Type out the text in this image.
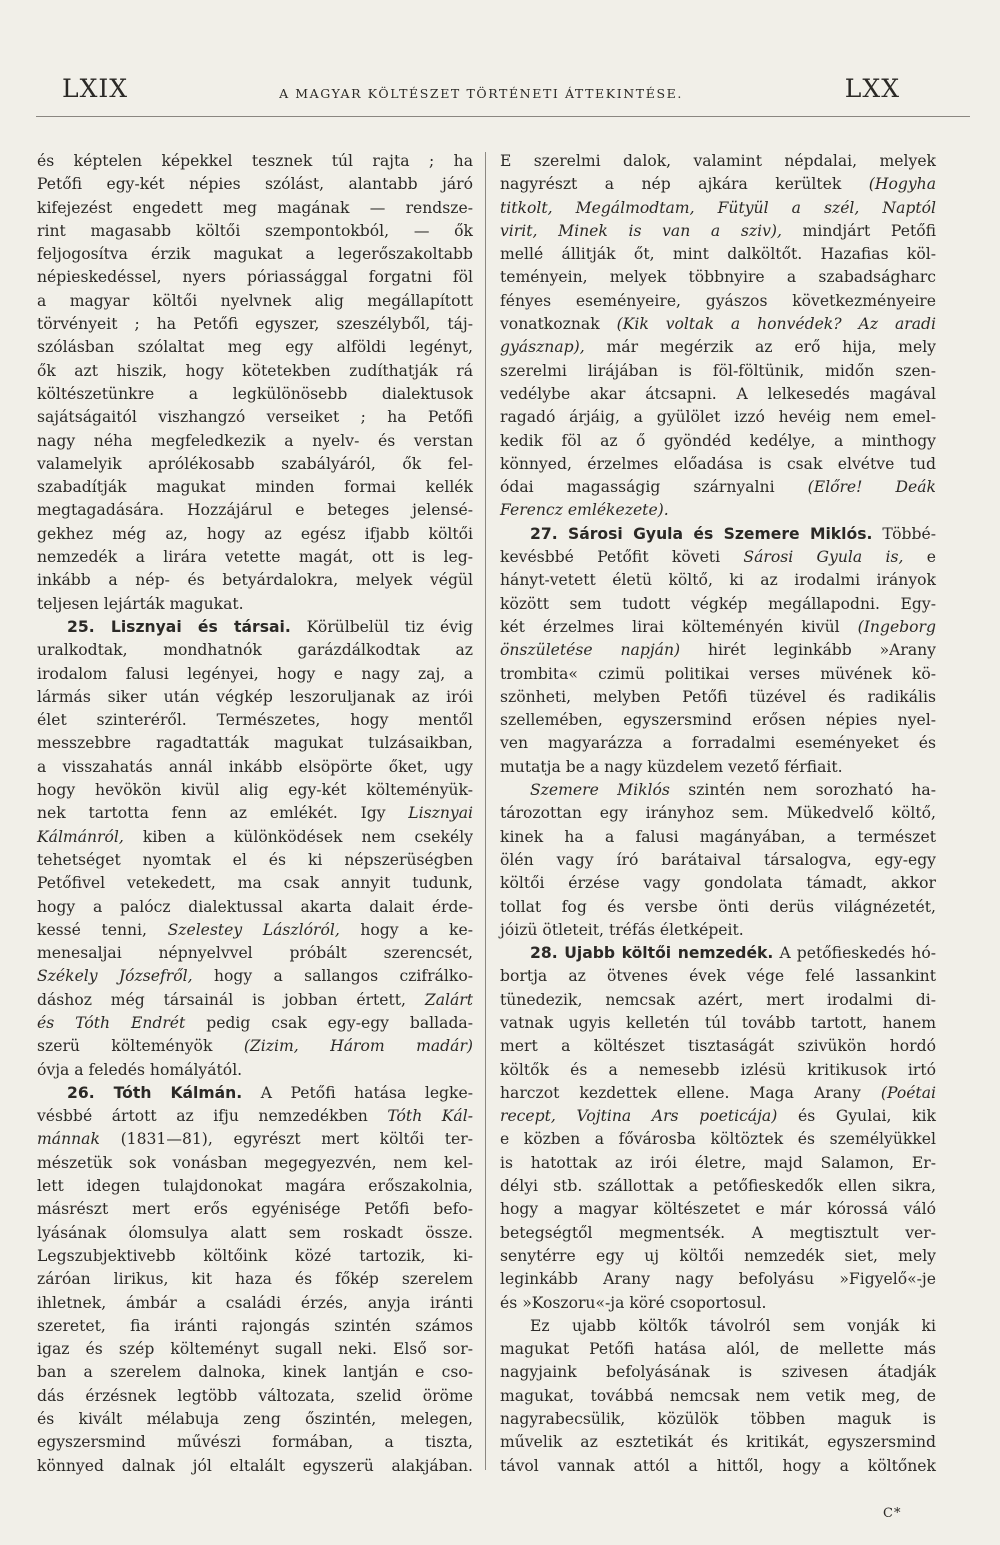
LXIX	A MAGYAR KÖLTÉSZET TÖRTÉNETI ÁTTEKINTÉSE.	LXX

és képtelen képekkel tesznek túl rajta ; ha

Petőfi egy-két népies szólást, alantabb járó

kifejezést engedett meg magának — rendsze-

rint magasabb költői szempontokból, — ők

feljogosítva érzik magukat a legerőszakoltabb

népieskedéssel, nyers póriassággal forgatni föl

a magyar költői nyelvnek alig megállapított

törvényeit ; ha Petőfi egyszer, szeszélyből, táj-

szólásban szólaltat meg egy alföldi legényt,

ők azt hiszik, hogy kötetekben zudíthatják rá

költészetünkre a legkülönösebb dialektusok

sajátságaitól viszhangzó verseiket ; ha Petőfi

nagy néha megfeledkezik a nyelv- és verstan

valamelyik aprólékosabb szabályáról, ők fel-

szabadítják magukat minden formai kellék

megtagadására. Hozzájárul e beteges jelensé-

gekhez még az, hogy az egész ifjabb költői

nemzedék a lirára vetette magát, ott is leg-

inkább a nép- és betyárdalokra, melyek végül

teljesen lejárták magukat.

25. Lisznyai és társai. Körülbelül tiz évig

uralkodtak, mondhatnók garázdálkodtak az

irodalom falusi legényei, hogy e nagy zaj, a

lármás siker után végkép leszoruljanak az irói

élet szinteréről. Természetes, hogy mentől

messzebbre ragadtatták magukat tulzásaikban,

a visszahatás annál inkább elsöpörte őket, ugy

hogy hevökön kivül alig egy-két költeményük-

nek tartotta fenn az emlékét. Igy Lisznyai

Kálmánról, kiben a különködések nem csekély

tehetséget nyomtak el és ki népszerüségben

Petőfivel vetekedett, ma csak annyit tudunk,

hogy a palócz dialektussal akarta dalait érde-

kessé tenni, Szelestey Lászlóról, hogy a ke-

menesaljai népnyelvvel próbált szerencsét,

Székely Józsefről, hogy a sallangos czifrálko-

dáshoz még társainál is jobban értett, Zalárt

és Tóth Endrét pedig csak egy-egy ballada-

szerü költeményök (Zizim, Három madár)

óvja a feledés homályától.

26. Tóth Kálmán. A Petőfi hatása legke-

vésbbé ártott az ifju nemzedékben Tóth Kál-

mánnak (1831—81), egyrészt mert költői ter-

mészetük sok vonásban megegyezvén, nem kel-

lett idegen tulajdonokat magára erőszakolnia,

másrészt mert erős egyénisége Petőfi befo-

lyásának ólomsulya alatt sem roskadt össze.

Legszubjektivebb költőink közé tartozik, ki-

záróan lirikus, kit haza és főkép szerelem

ihletnek, ámbár a családi érzés, anyja iránti

szeretet, fia iránti rajongás szintén számos

igaz és szép költeményt sugall neki. Első sor-

ban a szerelem dalnoka, kinek lantján e cso-

dás érzésnek legtöbb változata, szelid öröme

és kivált mélabuja zeng őszintén, melegen,

egyszersmind művészi formában, a tiszta,

könnyed dalnak jól eltalált egyszerü alakjában.

E szerelmi dalok, valamint népdalai, melyek

nagyrészt a nép ajkára kerültek (Hogyha

titkolt, Megálmodtam, Fütyül a szél, Naptól

virit, Minek is van a sziv), mindjárt Petőfi

mellé állitják őt, mint dalköltőt. Hazafias köl-

teményein, melyek többnyire a szabadságharc

fényes eseményeire, gyászos következményeire

vonatkoznak (Kik voltak a honvédek? Az aradi

gyásznap), már megérzik az erő hija, mely

szerelmi lirájában is föl-föltünik, midőn szen-

vedélybe akar átcsapni. A lelkesedés magával

ragadó árjáig, a gyülölet izzó hevéig nem emel-

kedik föl az ő gyöndéd kedélye, a minthogy

könnyed, érzelmes előadása is csak elvétve tud

ódai magasságig szárnyalni (Előre! Deák

Ferencz emlékezete).

27. Sárosi Gyula és Szemere Miklós. Többé-

kevésbbé Petőfit követi Sárosi Gyula is, e

hányt-vetett életü költő, ki az irodalmi irányok

között sem tudott végkép megállapodni. Egy-

két érzelmes lirai költeményén kivül (Ingeborg

önszületése napján) hirét leginkább »Arany

trombita« czimü politikai verses müvének kö-

szönheti, melyben Petőfi tüzével és radikális

szellemében, egyszersmind erősen népies nyel-

ven magyarázza a forradalmi eseményeket és

mutatja be a nagy küzdelem vezető férfiait.

Szemere Miklós szintén nem sorozható ha-

tározottan egy irányhoz sem. Mükedvelő költő,

kinek ha a falusi magányában, a természet

ölén vagy író barátaival társalogva, egy-egy

költői érzése vagy gondolata támadt, akkor

tollat fog és versbe önti derüs világnézetét,

jóizü ötleteit, tréfás életképeit.

28. Ujabb költői nemzedék. A petőfieskedés hó-

bortja az ötvenes évek vége felé lassankint

tünedezik, nemcsak azért, mert irodalmi di-

vatnak ugyis kelletén túl tovább tartott, hanem

mert a költészet tisztaságát szivükön hordó

költők és a nemesebb izlésü kritikusok irtó

harczot kezdettek ellene. Maga Arany (Poétai

recept, Vojtina Ars poeticája) és Gyulai, kik

e közben a fővárosba költöztek és személyükkel

is hatottak az irói életre, majd Salamon, Er-

délyi stb. szállottak a petőfieskedők ellen sikra,

hogy a magyar költészetet e már kórossá váló

betegségtől megmentsék. A megtisztult ver-

senytérre egy uj költői nemzedék siet, mely

leginkább Arany nagy befolyásu »Figyelő«-je

és »Koszoru«-ja köré csoportosul.

Ez ujabb költők távolról sem vonják ki

magukat Petőfi hatása alól, de mellette más

nagyjaink befolyásának is szivesen átadják

magukat, továbbá nemcsak nem vetik meg, de

nagyrabecsülik, közülök többen maguk is

művelik az esztetikát és kritikát, egyszersmind

távol vannak attól a hittől, hogy a költőnek

C*
